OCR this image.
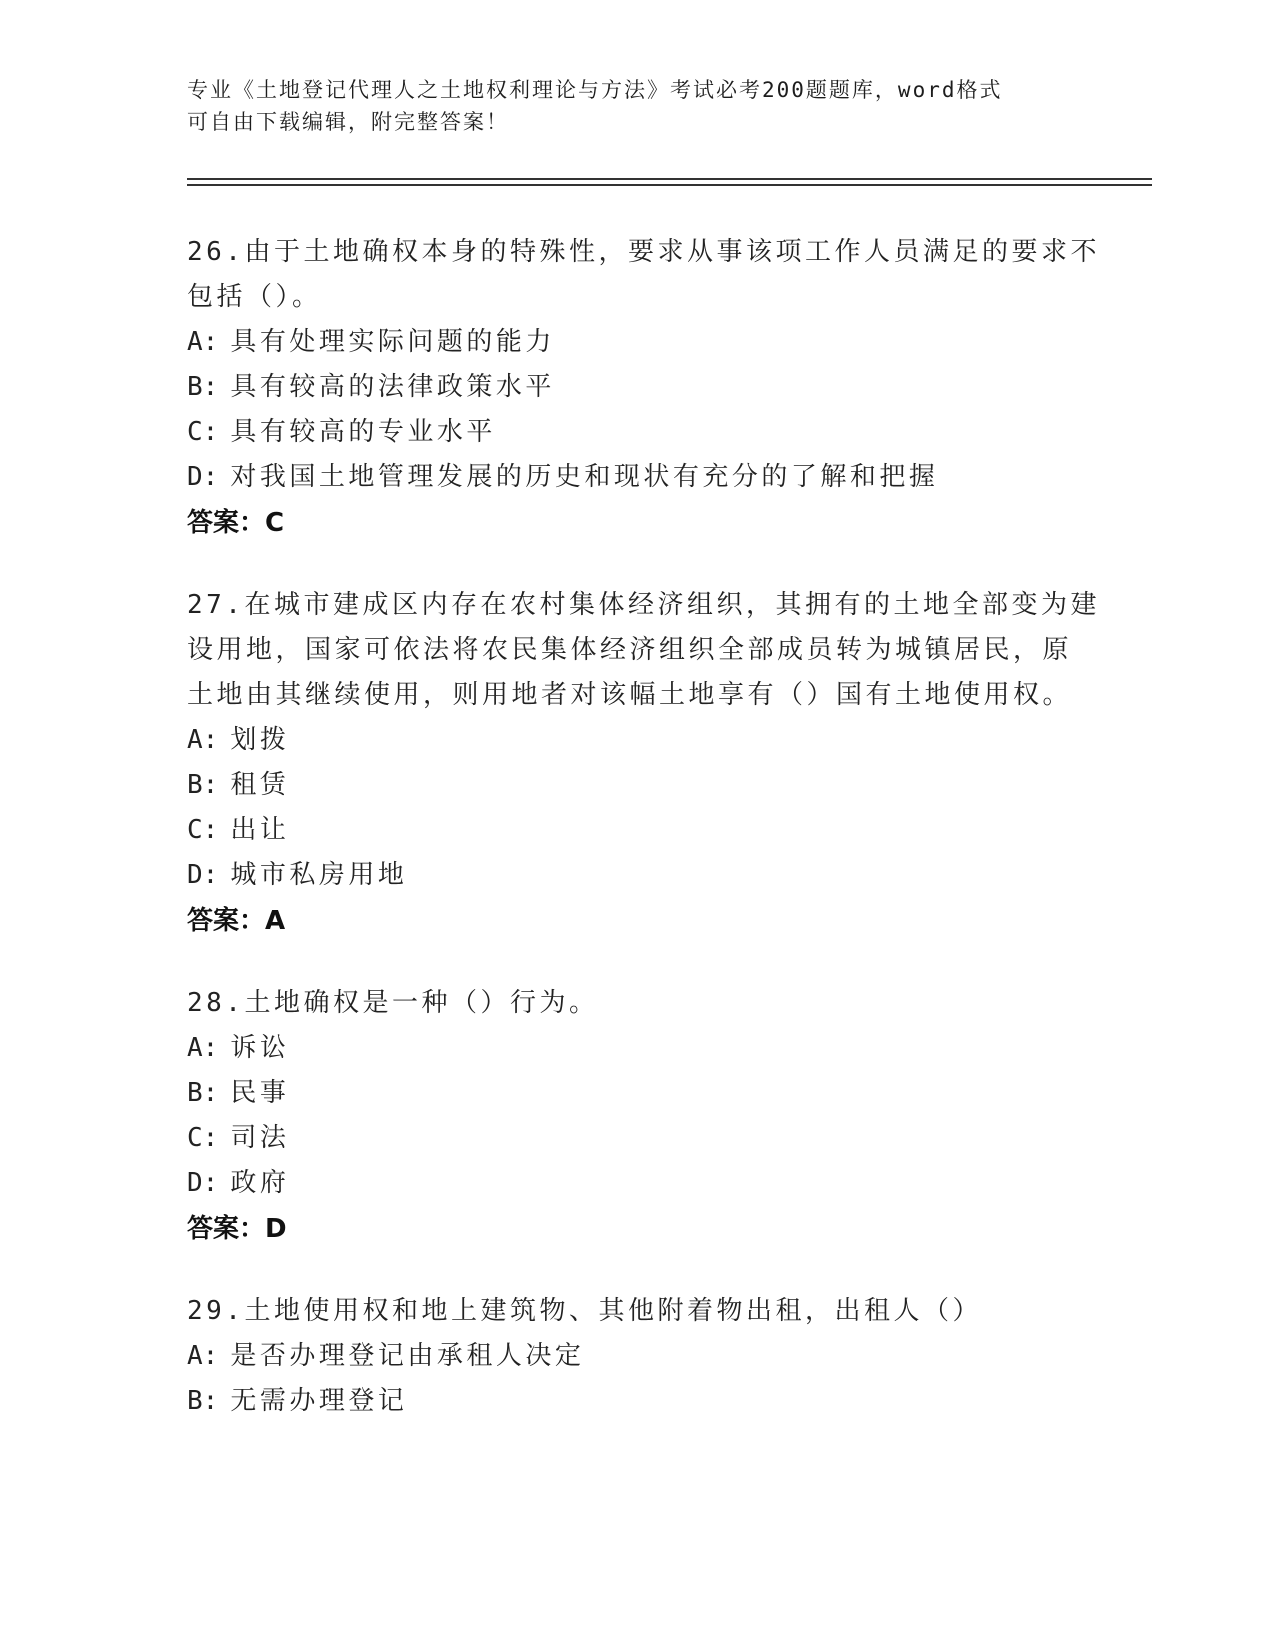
专业《土地登记代理人之土地权利理论与方法》考试必考200题题库，word格式
可自由下载编辑，附完整答案！
26.由于土地确权本身的特殊性，要求从事该项工作人员满足的要求不
包括（）。
A: 具有处理实际问题的能力
B: 具有较高的法律政策水平
C: 具有较高的专业水平
D: 对我国土地管理发展的历史和现状有充分的了解和把握
答案：C
27.在城市建成区内存在农村集体经济组织，其拥有的土地全部变为建
设用地，国家可依法将农民集体经济组织全部成员转为城镇居民，原
土地由其继续使用，则用地者对该幅土地享有（）国有土地使用权。
A: 划拨
B: 租赁
C: 出让
D: 城市私房用地
答案：A
28.土地确权是一种（）行为。
A: 诉讼
B: 民事
C: 司法
D: 政府
答案：D
29.土地使用权和地上建筑物、其他附着物出租，出租人（）
A: 是否办理登记由承租人决定
B: 无需办理登记
